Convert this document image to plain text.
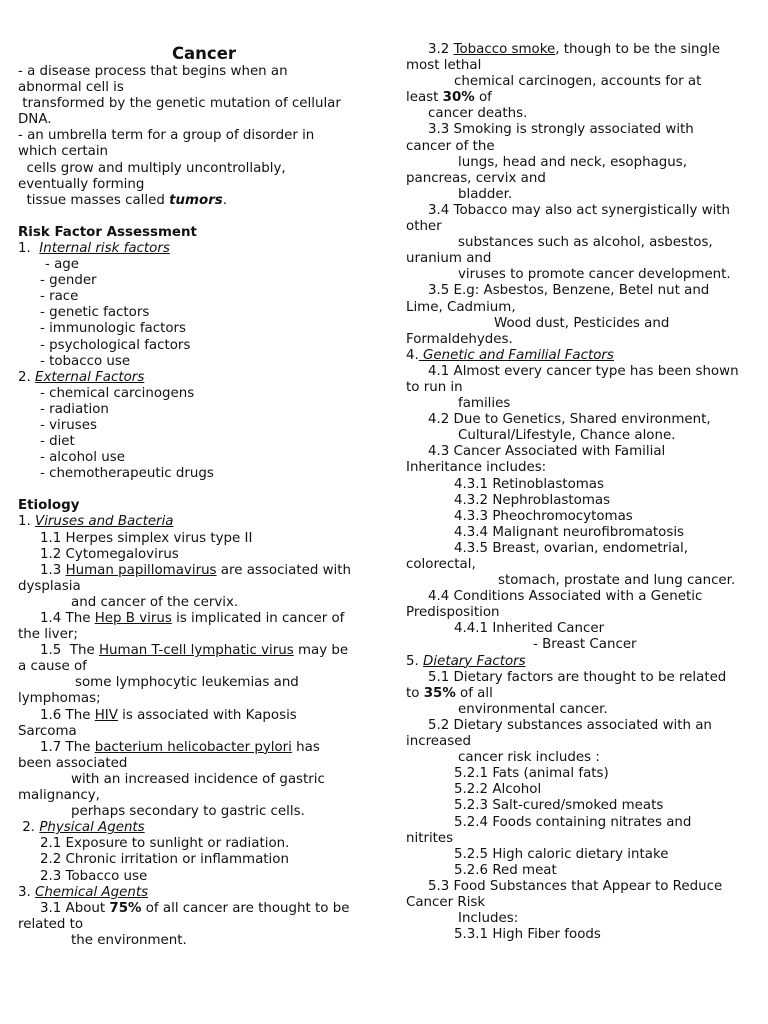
Cancer
- a disease process that begins when an
abnormal cell is
transformed by the genetic mutation of cellular
DNA.
- an umbrella term for a group of disorder in
which certain
cells grow and multiply uncontrollably,
eventually forming
tissue masses called tumors.
Risk Factor Assessment
1.  Internal risk factors
- age
- gender
- race
- genetic factors
- immunologic factors
- psychological factors
- tobacco use
2. External Factors
- chemical carcinogens
- radiation
- viruses
- diet
- alcohol use
- chemotherapeutic drugs
Etiology
1. Viruses and Bacteria
1.1 Herpes simplex virus type II
1.2 Cytomegalovirus
1.3 Human papillomavirus are associated with
dysplasia
and cancer of the cervix.
1.4 The Hep B virus is implicated in cancer of
the liver;
1.5  The Human T-cell lymphatic virus may be
a cause of
some lymphocytic leukemias and
lymphomas;
1.6 The HIV is associated with Kaposis
Sarcoma
1.7 The bacterium helicobacter pylori has
been associated
with an increased incidence of gastric
malignancy,
perhaps secondary to gastric cells.
2. Physical Agents
2.1 Exposure to sunlight or radiation.
2.2 Chronic irritation or inflammation
2.3 Tobacco use
3. Chemical Agents
3.1 About 75% of all cancer are thought to be
related to
the environment.
3.2 Tobacco smoke, though to be the single
most lethal
chemical carcinogen, accounts for at
least 30% of
cancer deaths.
3.3 Smoking is strongly associated with
cancer of the
lungs, head and neck, esophagus,
pancreas, cervix and
bladder.
3.4 Tobacco may also act synergistically with
other
substances such as alcohol, asbestos,
uranium and
viruses to promote cancer development.
3.5 E.g: Asbestos, Benzene, Betel nut and
Lime, Cadmium,
Wood dust, Pesticides and
Formaldehydes.
4. Genetic and Familial Factors
4.1 Almost every cancer type has been shown
to run in
families
4.2 Due to Genetics, Shared environment,
Cultural/Lifestyle, Chance alone.
4.3 Cancer Associated with Familial
Inheritance includes:
4.3.1 Retinoblastomas
4.3.2 Nephroblastomas
4.3.3 Pheochromocytomas
4.3.4 Malignant neurofibromatosis
4.3.5 Breast, ovarian, endometrial,
colorectal,
stomach, prostate and lung cancer.
4.4 Conditions Associated with a Genetic
Predisposition
4.4.1 Inherited Cancer
- Breast Cancer
5. Dietary Factors
5.1 Dietary factors are thought to be related
to 35% of all
environmental cancer.
5.2 Dietary substances associated with an
increased
cancer risk includes :
5.2.1 Fats (animal fats)
5.2.2 Alcohol
5.2.3 Salt-cured/smoked meats
5.2.4 Foods containing nitrates and
nitrites
5.2.5 High caloric dietary intake
5.2.6 Red meat
5.3 Food Substances that Appear to Reduce
Cancer Risk
Includes:
5.3.1 High Fiber foods
